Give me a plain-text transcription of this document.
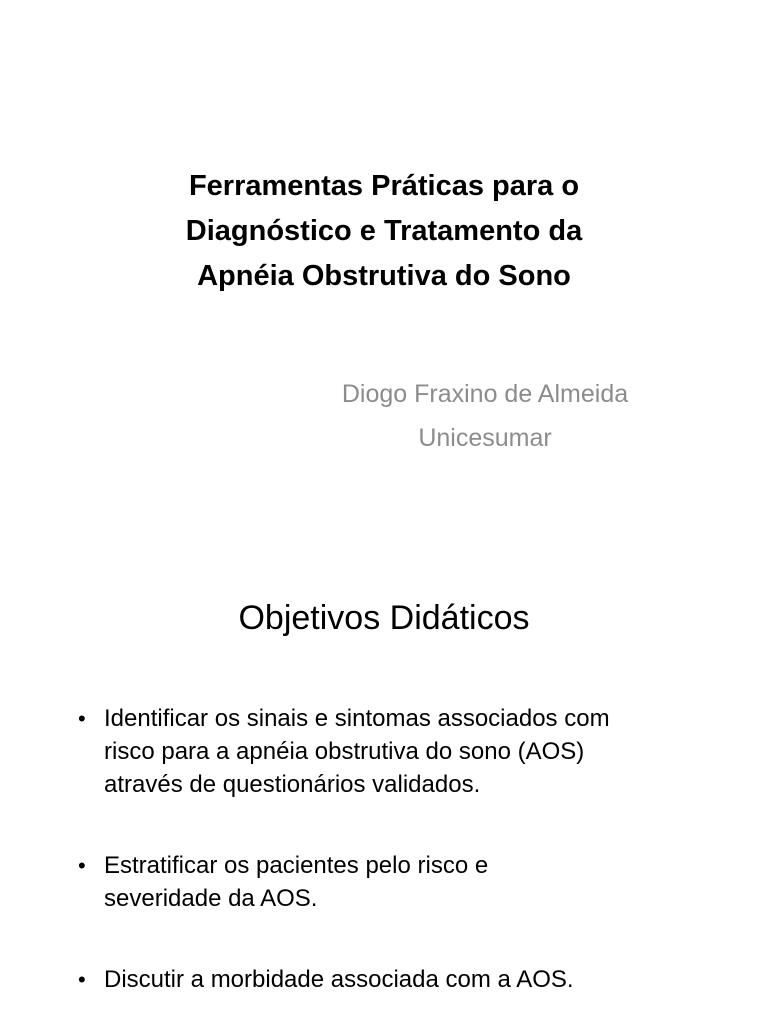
Ferramentas Práticas para o
Diagnóstico e Tratamento da
Apnéia Obstrutiva do Sono
Diogo Fraxino de Almeida
Unicesumar
Objetivos Didáticos
• Identificar os sinais e sintomas associados com
risco para a apnéia obstrutiva do sono (AOS)
através de questionários validados.
• Estratificar os pacientes pelo risco e
severidade da AOS.
• Discutir a morbidade associada com a AOS.
